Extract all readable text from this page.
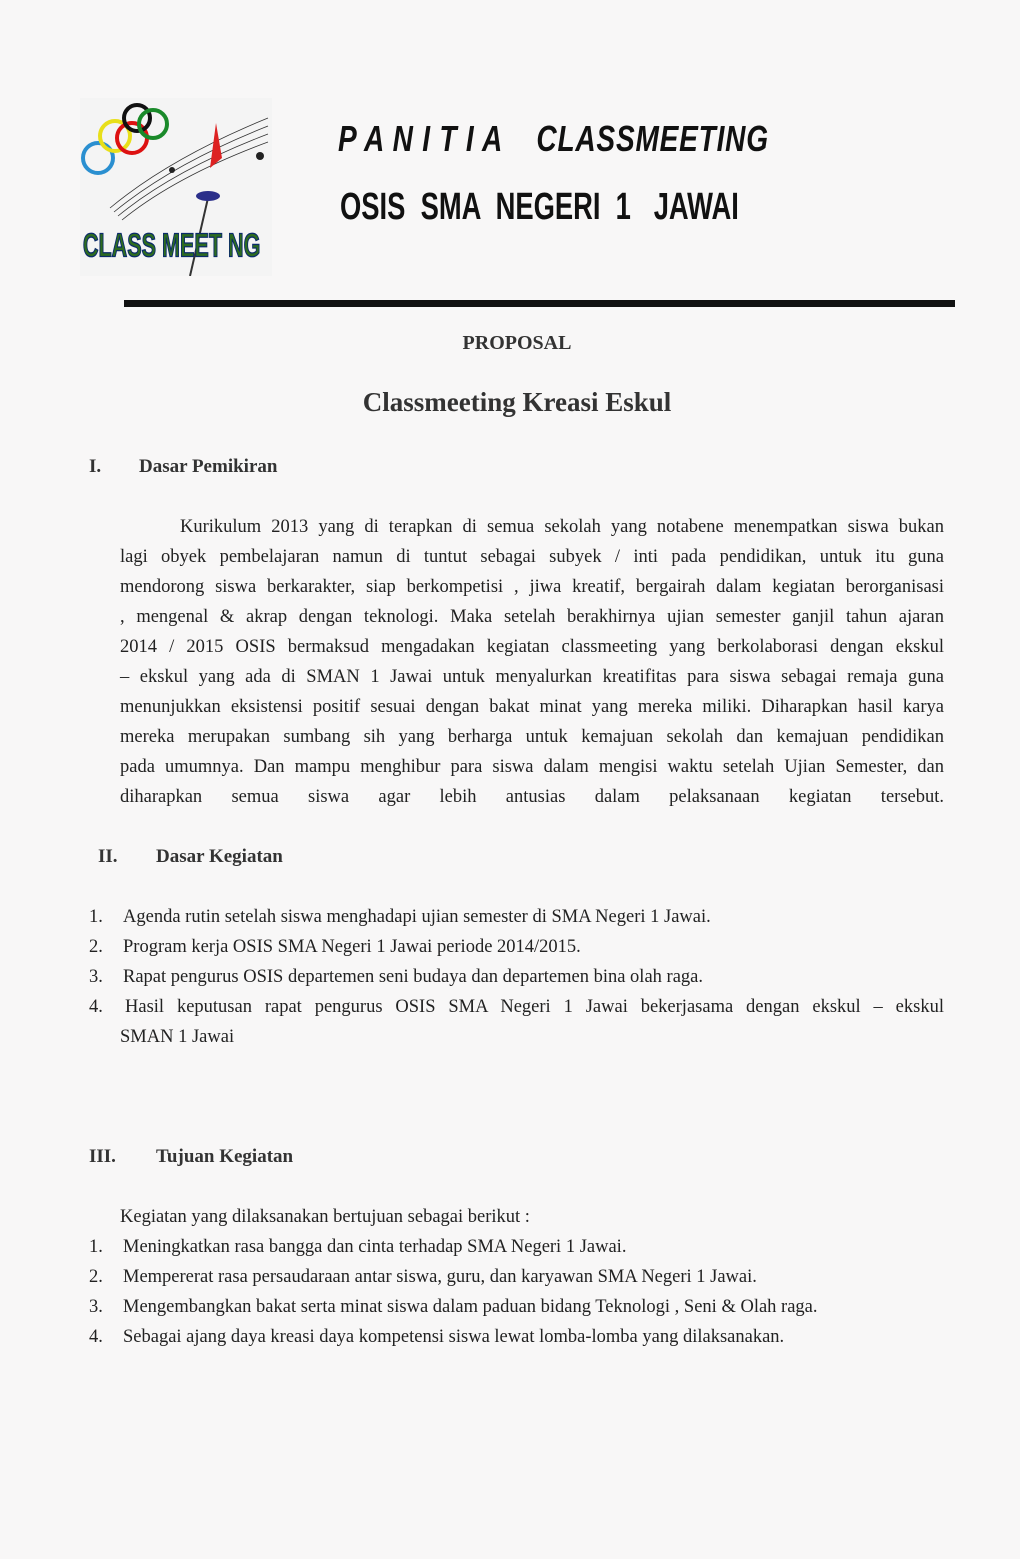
CLASS MEET NG
P A N I T I A    CLASSMEETING
OSIS  SMA  NEGERI  1   JAWAI
PROPOSAL
Classmeeting Kreasi Eskul
I. Dasar Pemikiran
Kurikulum 2013 yang di terapkan di semua sekolah yang notabene menempatkan siswa bukan
lagi obyek pembelajaran namun di tuntut sebagai subyek / inti pada pendidikan, untuk itu guna
mendorong siswa berkarakter, siap berkompetisi , jiwa kreatif, bergairah dalam kegiatan berorganisasi
, mengenal & akrap dengan teknologi. Maka setelah berakhirnya ujian semester ganjil tahun ajaran
2014 / 2015 OSIS bermaksud mengadakan kegiatan classmeeting yang berkolaborasi dengan ekskul
– ekskul yang ada di SMAN 1 Jawai untuk menyalurkan kreatifitas para siswa sebagai remaja guna
menunjukkan eksistensi positif sesuai dengan bakat minat yang mereka miliki. Diharapkan hasil karya
mereka merupakan sumbang sih yang berharga untuk kemajuan sekolah dan kemajuan pendidikan
pada umumnya. Dan mampu menghibur para siswa dalam mengisi waktu setelah Ujian Semester, dan
diharapkan semua siswa agar lebih antusias dalam pelaksanaan kegiatan tersebut.
II. Dasar Kegiatan
1. Agenda rutin setelah siswa menghadapi ujian semester di SMA Negeri 1 Jawai.
2. Program kerja OSIS SMA Negeri 1 Jawai periode 2014/2015.
3. Rapat pengurus OSIS departemen seni budaya dan departemen bina olah raga.
4. Hasil keputusan rapat pengurus OSIS SMA Negeri 1 Jawai bekerjasama dengan ekskul – ekskul
SMAN 1 Jawai
III. Tujuan Kegiatan
Kegiatan yang dilaksanakan bertujuan sebagai berikut :
1. Meningkatkan rasa bangga dan cinta terhadap SMA Negeri 1 Jawai.
2. Mempererat rasa persaudaraan antar siswa, guru, dan karyawan SMA Negeri 1 Jawai.
3. Mengembangkan bakat serta minat siswa dalam paduan bidang Teknologi , Seni & Olah raga.
4. Sebagai ajang daya kreasi daya kompetensi siswa lewat lomba-lomba yang dilaksanakan.
